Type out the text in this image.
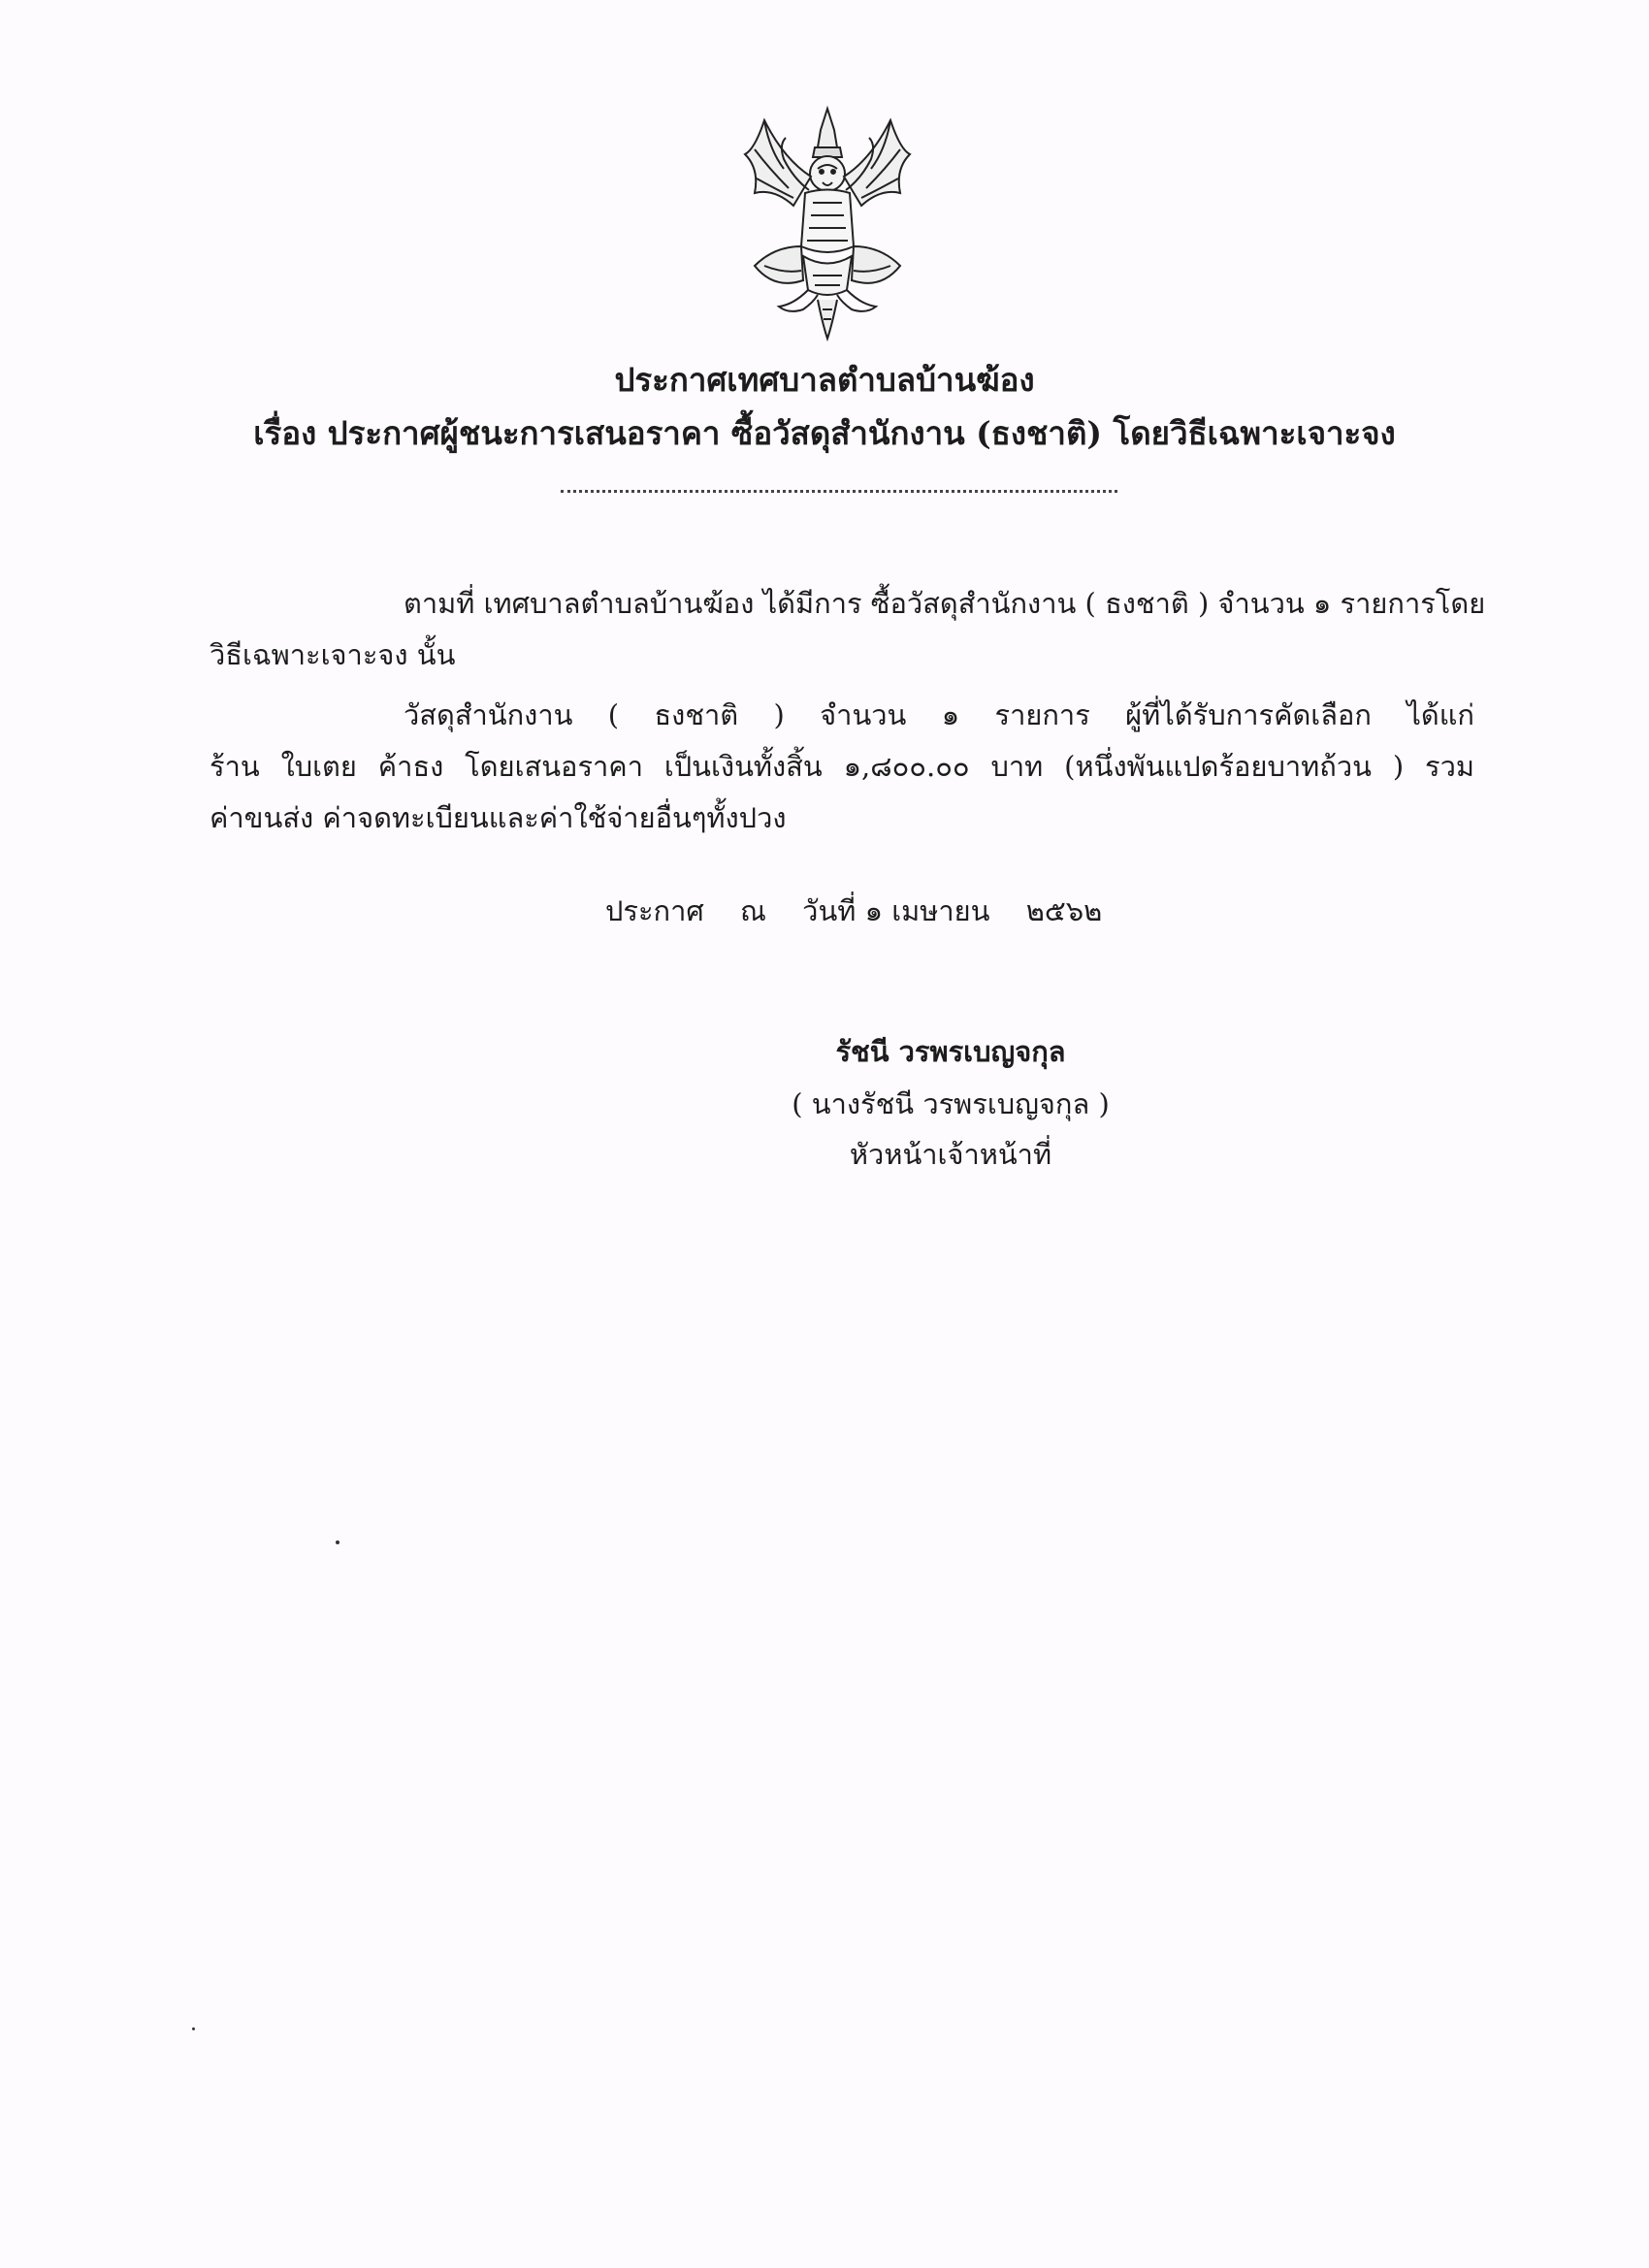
ประกาศเทศบาลตำบลบ้านฆ้อง
เรื่อง ประกาศผู้ชนะการเสนอราคา ซื้อวัสดุสำนักงาน (ธงชาติ) โดยวิธีเฉพาะเจาะจง
ตามที่ เทศบาลตำบลบ้านฆ้อง ได้มีการ ซื้อวัสดุสำนักงาน ( ธงชาติ ) จำนวน ๑ รายการโดย
วิธีเฉพาะเจาะจง นั้น
วัสดุสำนักงาน ( ธงชาติ ) จำนวน ๑ รายการ ผู้ที่ได้รับการคัดเลือก ได้แก่
ร้าน ใบเตย ค้าธง โดยเสนอราคา เป็นเงินทั้งสิ้น ๑,๘๐๐.๐๐ บาท (หนึ่งพันแปดร้อยบาทถ้วน ) รวม
ค่าขนส่ง ค่าจดทะเบียนและค่าใช้จ่ายอื่นๆทั้งปวง
ประกาศ ณ วันที่ ๑ เมษายน ๒๕๖๒
รัชนี วรพรเบญจกุล
( นางรัชนี วรพรเบญจกุล )
หัวหน้าเจ้าหน้าที่
